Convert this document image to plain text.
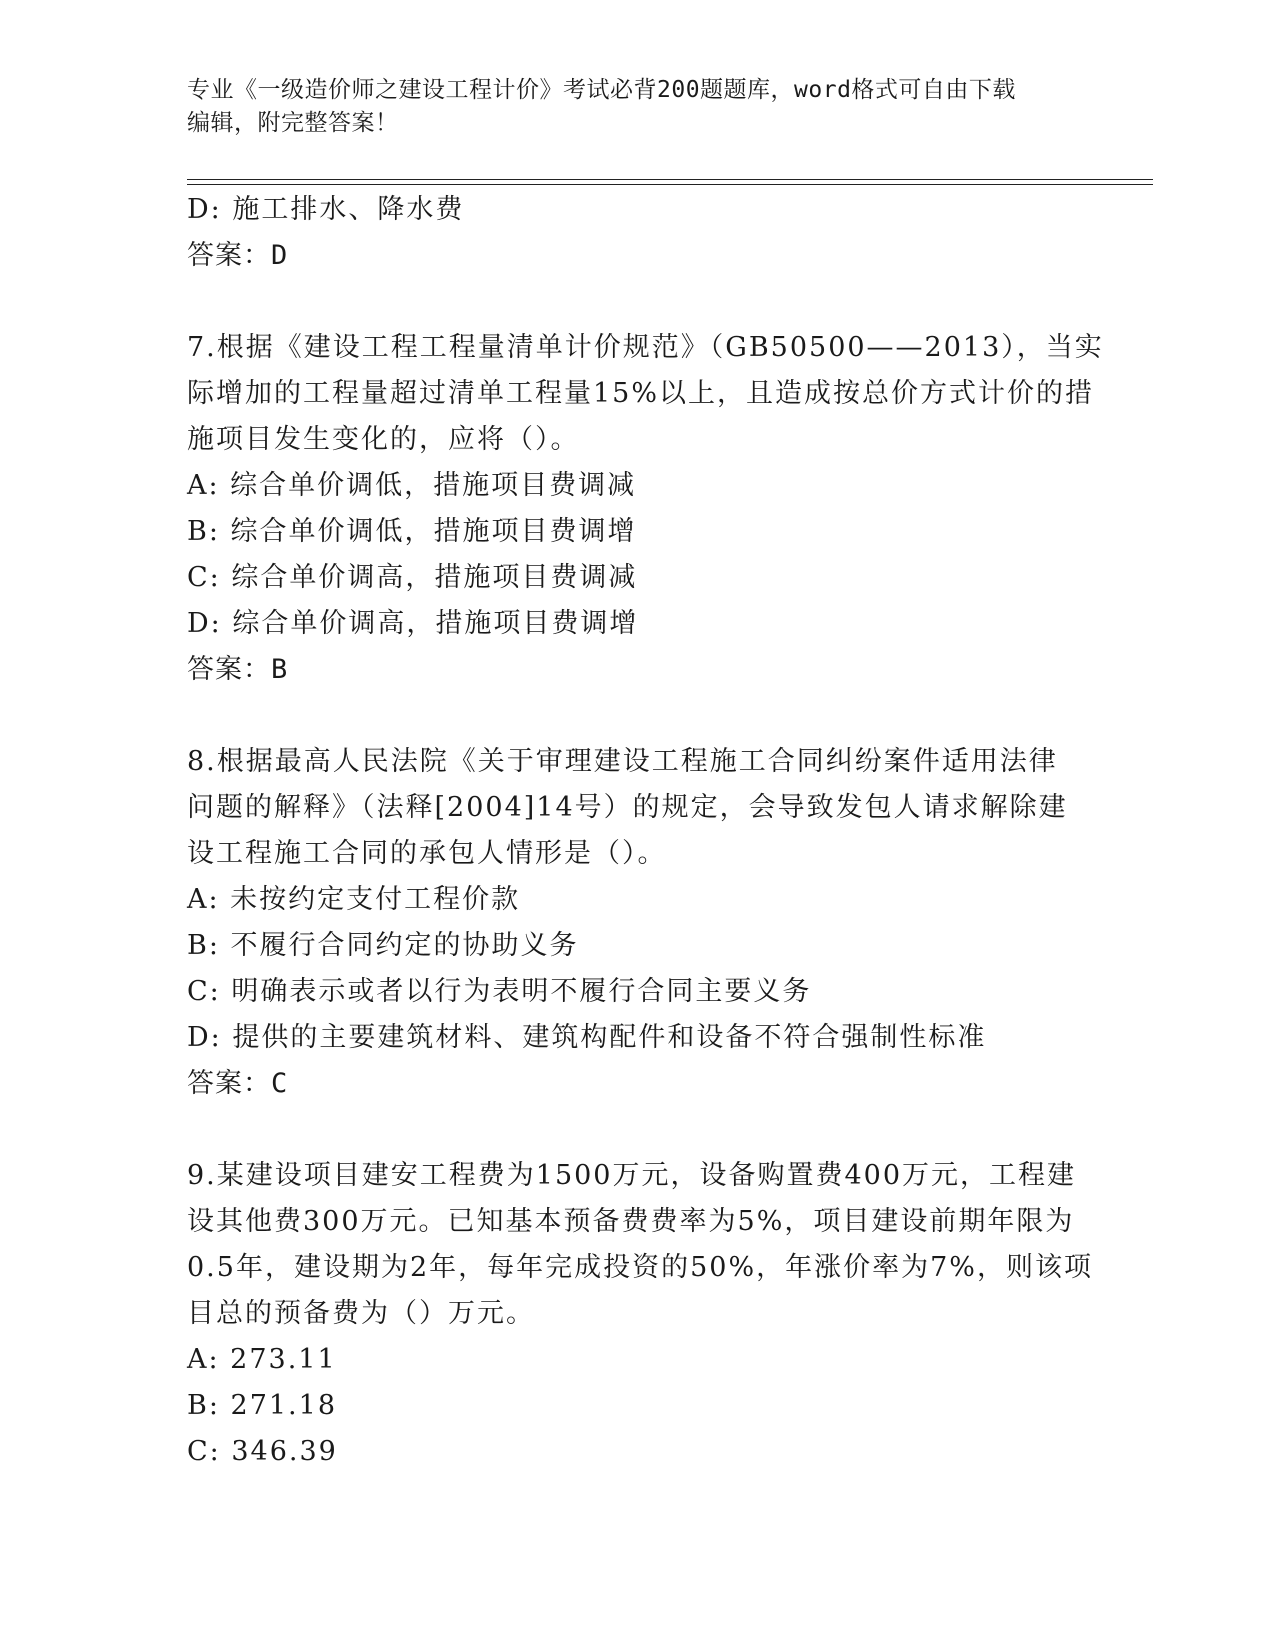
专业《一级造价师之建设工程计价》考试必背200题题库，word格式可自由下载
编辑，附完整答案！
D: 施工排水、降水费
答案：D
7.根据《建设工程工程量清单计价规范》（GB50500——2013），当实
际增加的工程量超过清单工程量15%以上，且造成按总价方式计价的措
施项目发生变化的，应将（）。
A: 综合单价调低，措施项目费调减
B: 综合单价调低，措施项目费调增
C: 综合单价调高，措施项目费调减
D: 综合单价调高，措施项目费调增
答案：B
8.根据最高人民法院《关于审理建设工程施工合同纠纷案件适用法律
问题的解释》（法释[2004]14号）的规定，会导致发包人请求解除建
设工程施工合同的承包人情形是（）。
A: 未按约定支付工程价款
B: 不履行合同约定的协助义务
C: 明确表示或者以行为表明不履行合同主要义务
D: 提供的主要建筑材料、建筑构配件和设备不符合强制性标准
答案：C
9.某建设项目建安工程费为1500万元，设备购置费400万元，工程建
设其他费300万元。已知基本预备费费率为5%，项目建设前期年限为
0.5年，建设期为2年，每年完成投资的50%，年涨价率为7%，则该项
目总的预备费为（）万元。
A: 273.11
B: 271.18
C: 346.39
